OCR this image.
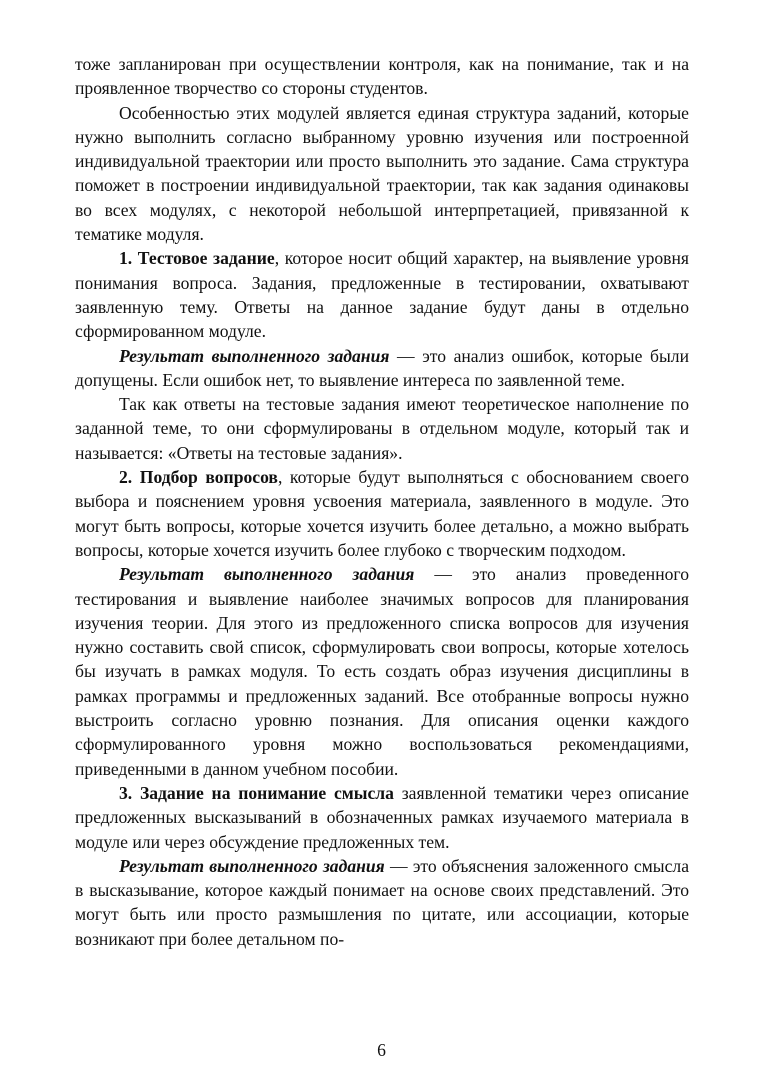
тоже запланирован при осуществлении контроля, как на понимание, так и на проявленное творчество со стороны студентов.

Особенностью этих модулей является единая структура заданий, которые нужно выполнить согласно выбранному уровню изучения или построенной индивидуальной траектории или просто выполнить это задание. Сама структура поможет в построении индивидуальной траектории, так как задания одинаковы во всех модулях, с некоторой небольшой интерпретацией, привязанной к тематике модуля.

1. Тестовое задание, которое носит общий характер, на выявление уровня понимания вопроса. Задания, предложенные в тестировании, охватывают заявленную тему. Ответы на данное задание будут даны в отдельно сформированном модуле.

Результат выполненного задания — это анализ ошибок, которые были допущены. Если ошибок нет, то выявление интереса по заявленной теме.

Так как ответы на тестовые задания имеют теоретическое наполнение по заданной теме, то они сформулированы в отдельном модуле, который так и называется: «Ответы на тестовые задания».

2. Подбор вопросов, которые будут выполняться с обоснованием своего выбора и пояснением уровня усвоения материала, заявленного в модуле. Это могут быть вопросы, которые хочется изучить более детально, а можно выбрать вопросы, которые хочется изучить более глубоко с творческим подходом.

Результат выполненного задания — это анализ проведенного тестирования и выявление наиболее значимых вопросов для планирования изучения теории. Для этого из предложенного списка вопросов для изучения нужно составить свой список, сформулировать свои вопросы, которые хотелось бы изучать в рамках модуля. То есть создать образ изучения дисциплины в рамках программы и предложенных заданий. Все отобранные вопросы нужно выстроить согласно уровню познания. Для описания оценки каждого сформулированного уровня можно воспользоваться рекомендациями, приведенными в данном учебном пособии.

3. Задание на понимание смысла заявленной тематики через описание предложенных высказываний в обозначенных рамках изучаемого материала в модуле или через обсуждение предложенных тем.

Результат выполненного задания — это объяснения заложенного смысла в высказывание, которое каждый понимает на основе своих представлений. Это могут быть или просто размышления по цитате, или ассоциации, которые возникают при более детальном по-

6
